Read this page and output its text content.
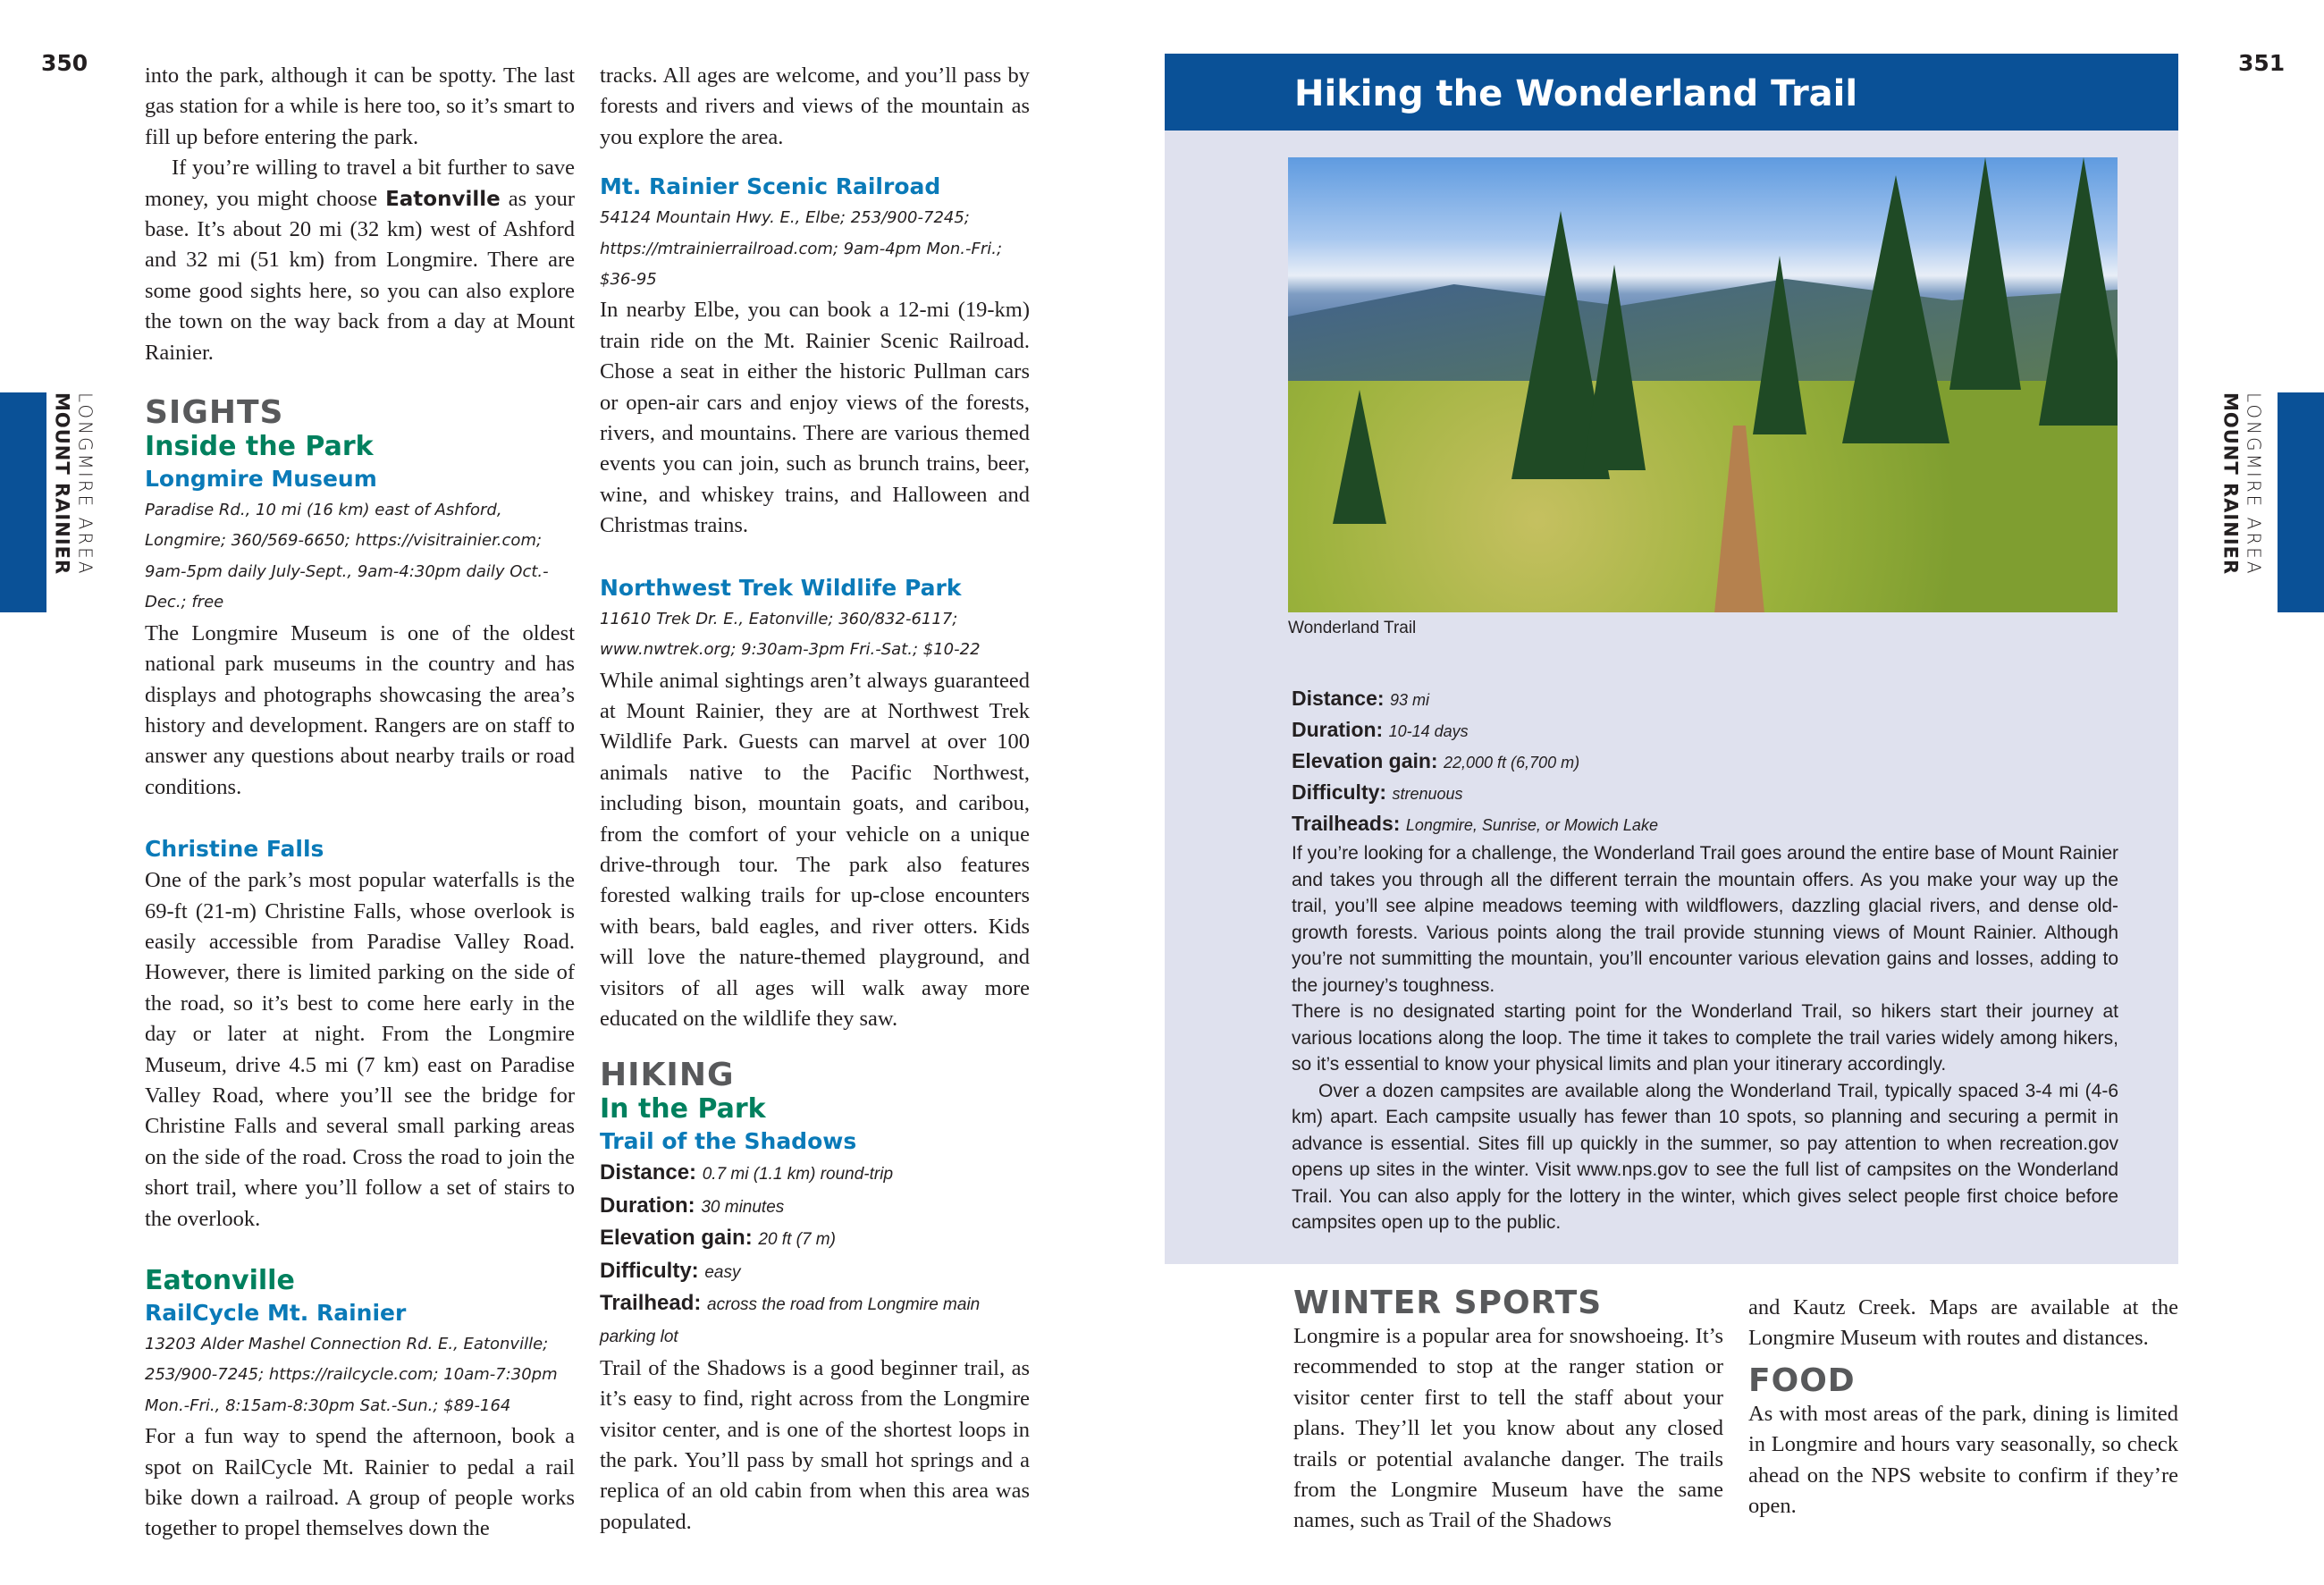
350	351
LONGMIRE AREA
MOUNT RAINIER	LONGMIRE AREA
MOUNT RAINIER

into the park, although it can be spotty. The last gas station for a while is here too, so it’s smart to fill up before entering the park.

If you’re willing to travel a bit further to save money, you might choose Eatonville as your base. It’s about 20 mi (32 km) west of Ashford and 32 mi (51 km) from Longmire. There are some good sights here, so you can also explore the town on the way back from a day at Mount Rainier.

SIGHTS
Inside the Park
Longmire Museum

Paradise Rd., 10 mi (16 km) east of Ashford, Longmire; 360/569-6650; https://visitrainier.com; 9am-5pm daily July-Sept., 9am-4:30pm daily Oct.-Dec.; free

The Longmire Museum is one of the oldest national park museums in the country and has displays and photographs showcasing the area’s history and development. Rangers are on staff to answer any questions about nearby trails or road conditions.

Christine Falls

One of the park’s most popular waterfalls is the 69-ft (21-m) Christine Falls, whose overlook is easily accessible from Paradise Valley Road. However, there is limited parking on the side of the road, so it’s best to come here early in the day or later at night. From the Longmire Museum, drive 4.5 mi (7 km) east on Paradise Valley Road, where you’ll see the bridge for Christine Falls and several small parking areas on the side of the road. Cross the road to join the short trail, where you’ll follow a set of stairs to the overlook.

Eatonville
RailCycle Mt. Rainier

13203 Alder Mashel Connection Rd. E., Eatonville; 253/900-7245; https://railcycle.com; 10am-7:30pm Mon.-Fri., 8:15am-8:30pm Sat.-Sun.; $89-164

For a fun way to spend the afternoon, book a spot on RailCycle Mt. Rainier to pedal a rail bike down a railroad. A group of people works together to propel themselves down the

tracks. All ages are welcome, and you’ll pass by forests and rivers and views of the mountain as you explore the area.

Mt. Rainier Scenic Railroad

54124 Mountain Hwy. E., Elbe; 253/900-7245; https://mtrainierrailroad.com; 9am-4pm Mon.-Fri.; $36-95

In nearby Elbe, you can book a 12-mi (19-km) train ride on the Mt. Rainier Scenic Railroad. Chose a seat in either the historic Pullman cars or open-air cars and enjoy views of the forests, rivers, and mountains. There are various themed events you can join, such as brunch trains, beer, wine, and whiskey trains, and Halloween and Christmas trains.

Northwest Trek Wildlife Park

11610 Trek Dr. E., Eatonville; 360/832-6117; www.nwtrek.org; 9:30am-3pm Fri.-Sat.; $10-22

While animal sightings aren’t always guaranteed at Mount Rainier, they are at Northwest Trek Wildlife Park. Guests can marvel at over 100 animals native to the Pacific Northwest, including bison, mountain goats, and caribou, from the comfort of your vehicle on a unique drive-through tour. The park also features forested walking trails for up-close encounters with bears, bald eagles, and river otters. Kids will love the nature-themed playground, and visitors of all ages will walk away more educated on the wildlife they saw.

HIKING
In the Park
Trail of the Shadows
Distance: 0.7 mi (1.1 km) round-trip
Duration: 30 minutes
Elevation gain: 20 ft (7 m)
Difficulty: easy
Trailhead: across the road from Longmire main parking lot

Trail of the Shadows is a good beginner trail, as it’s easy to find, right across from the Longmire visitor center, and is one of the shortest loops in the park. You’ll pass by small hot springs and a replica of an old cabin from when this area was populated.

Hiking the Wonderland Trail
Wonderland Trail
Distance: 93 mi
Duration: 10-14 days
Elevation gain: 22,000 ft (6,700 m)
Difficulty: strenuous
Trailheads: Longmire, Sunrise, or Mowich Lake

If you’re looking for a challenge, the Wonderland Trail goes around the entire base of Mount Rainier and takes you through all the different terrain the mountain offers. As you make your way up the trail, you’ll see alpine meadows teeming with wildflowers, dazzling glacial rivers, and dense old-growth forests. Various points along the trail provide stunning views of Mount Rainier. Although you’re not summitting the mountain, you’ll encounter various elevation gains and losses, adding to the journey’s toughness.

There is no designated starting point for the Wonderland Trail, so hikers start their journey at various locations along the loop. The time it takes to complete the trail varies widely among hikers, so it’s essential to know your physical limits and plan your itinerary accordingly.

Over a dozen campsites are available along the Wonderland Trail, typically spaced 3-4 mi (4-6 km) apart. Each campsite usually has fewer than 10 spots, so planning and securing a permit in advance is essential. Sites fill up quickly in the summer, so pay attention to when recreation.gov opens up sites in the winter. Visit www.nps.gov to see the full list of campsites on the Wonderland Trail. You can also apply for the lottery in the winter, which gives select people first choice before campsites open up to the public.

WINTER SPORTS

Longmire is a popular area for snowshoeing. It’s recommended to stop at the ranger station or visitor center first to tell the staff about your plans. They’ll let you know about any closed trails or potential avalanche danger. The trails from the Longmire Museum have the same names, such as Trail of the Shadows

and Kautz Creek. Maps are available at the Longmire Museum with routes and distances.

FOOD

As with most areas of the park, dining is limited in Longmire and hours vary seasonally, so check ahead on the NPS website to confirm if they’re open.
